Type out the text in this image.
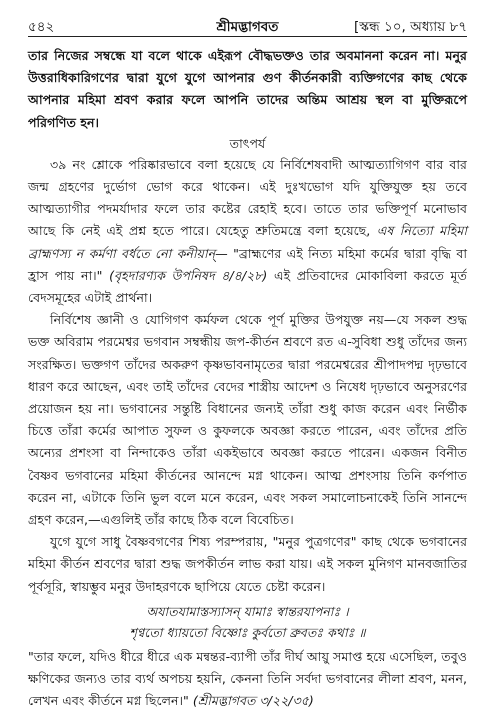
৫৪২	শ্রীমদ্ভাগবত	[স্কন্ধ ১০, অধ্যায় ৮৭

তার নিজের সম্বন্ধে যা বলে থাকে এইরূপ বৌদ্ধভক্তও তার অবমাননা করেন না। মনুর উত্তরাধিকারিগণের দ্বারা যুগে যুগে আপনার গুণ কীর্তনকারী ব্যক্তিগণের কাছ থেকে আপনার মহিমা শ্রবণ করার ফলে আপনি তাদের অন্তিম আশ্রয় স্থল বা মুক্তিরূপে পরিগণিত হন।

তাৎপর্য

৩৯ নং শ্লোকে পরিষ্কারভাবে বলা হয়েছে যে নির্বিশেষবাদী আত্মত্যাগিগণ বার বার জন্ম গ্রহণের দুর্ভোগ ভোগ করে থাকেন। এই দুঃখভোগ যদি যুক্তিযুক্ত হয় তবে আত্মত্যাগীর পদমর্যাদার ফলে তার কষ্টের রেহাই হবে। তাতে তার ভক্তিপূর্ণ মনোভাব আছে কি নেই এই প্রশ্ন হতে পারে। যেহেতু শ্রুতিমন্ত্রে বলা হয়েছে, এষ নিত্যো মহিমা ব্রাহ্মণস্য ন কর্মণা বর্ধতে নো কনীয়ান্— "ব্রাহ্মণের এই নিত্য মহিমা কর্মের দ্বারা বৃদ্ধি বা হ্রাস পায় না।" (বৃহদারণ্যক উপনিষদ ৪/৪/২৮) এই প্রতিবাদের মোকাবিলা করতে মূর্ত বেদসমূহের এটাই প্রার্থনা।

নির্বিশেষ জ্ঞানী ও যোগিগণ কর্মফল থেকে পূর্ণ মুক্তির উপযুক্ত নয়—যে সকল শুদ্ধ ভক্ত অবিরাম পরমেশ্বর ভগবান সম্বন্ধীয় জপ-কীর্তন শ্রবণে রত এ-সুবিধা শুধু তাঁদের জন্য সংরক্ষিত। ভক্তগণ তাঁদের অকরুণ কৃষ্ণভাবনামৃতের দ্বারা পরমেশ্বরের শ্রীপাদপদ্ম দৃঢ়ভাবে ধারণ করে আছেন, এবং তাই তাঁদের বেদের শাস্ত্রীয় আদেশ ও নিষেধ দৃঢ়ভাবে অনুসরণের প্রয়োজন হয় না। ভগবানের সন্তুষ্টি বিধানের জন্যই তাঁরা শুধু কাজ করেন এবং নির্ভীক চিত্তে তাঁরা কর্মের আপাত সুফল ও কুফলকে অবজ্ঞা করতে পারেন, এবং তাঁদের প্রতি অন্যের প্রশংসা বা নিন্দাকেও তাঁরা একইভাবে অবজ্ঞা করতে পারেন। একজন বিনীত বৈষ্ণব ভগবানের মহিমা কীর্তনের আনন্দে মগ্ন থাকেন। আত্ম প্রশংসায় তিনি কর্ণপাত করেন না, এটাকে তিনি ভুল বলে মনে করেন, এবং সকল সমালোচনাকেই তিনি সানন্দে গ্রহণ করেন,—এগুলিই তাঁর কাছে ঠিক বলে বিবেচিত।

যুগে যুগে সাধু বৈষ্ণবগণের শিষ্য পরম্পরায়, "মনুর পুত্রগণের" কাছ থেকে ভগবানের মহিমা কীর্তন শ্রবণের দ্বারা শুদ্ধ জপকীর্তন লাভ করা যায়। এই সকল মুনিগণ মানবজাতির পূর্বসূরি, স্বায়ম্ভুব মনুর উদাহরণকে ছাপিয়ে যেতে চেষ্টা করেন।

অযাতযামাস্তস্যাসন্ যামাঃ স্বান্তরযাপনাঃ ।
শৃণ্বতো ধ্যায়তো বিষ্ণোঃ কুর্বতো ব্রুবতঃ কথাঃ ॥

"তার ফলে, যদিও ধীরে ধীরে এক মন্বন্তর-ব্যাপী তাঁর দীর্ঘ আয়ু সমাপ্ত হয়ে এসেছিল, তবুও ক্ষণিকের জন্যও তার ব্যর্থ অপচয় হয়নি, কেননা তিনি সর্বদা ভগবানের লীলা শ্রবণ, মনন, লেখন এবং কীর্তনে মগ্ন ছিলেন।" (শ্রীমদ্ভাগবত ৩/২২/৩৫)
